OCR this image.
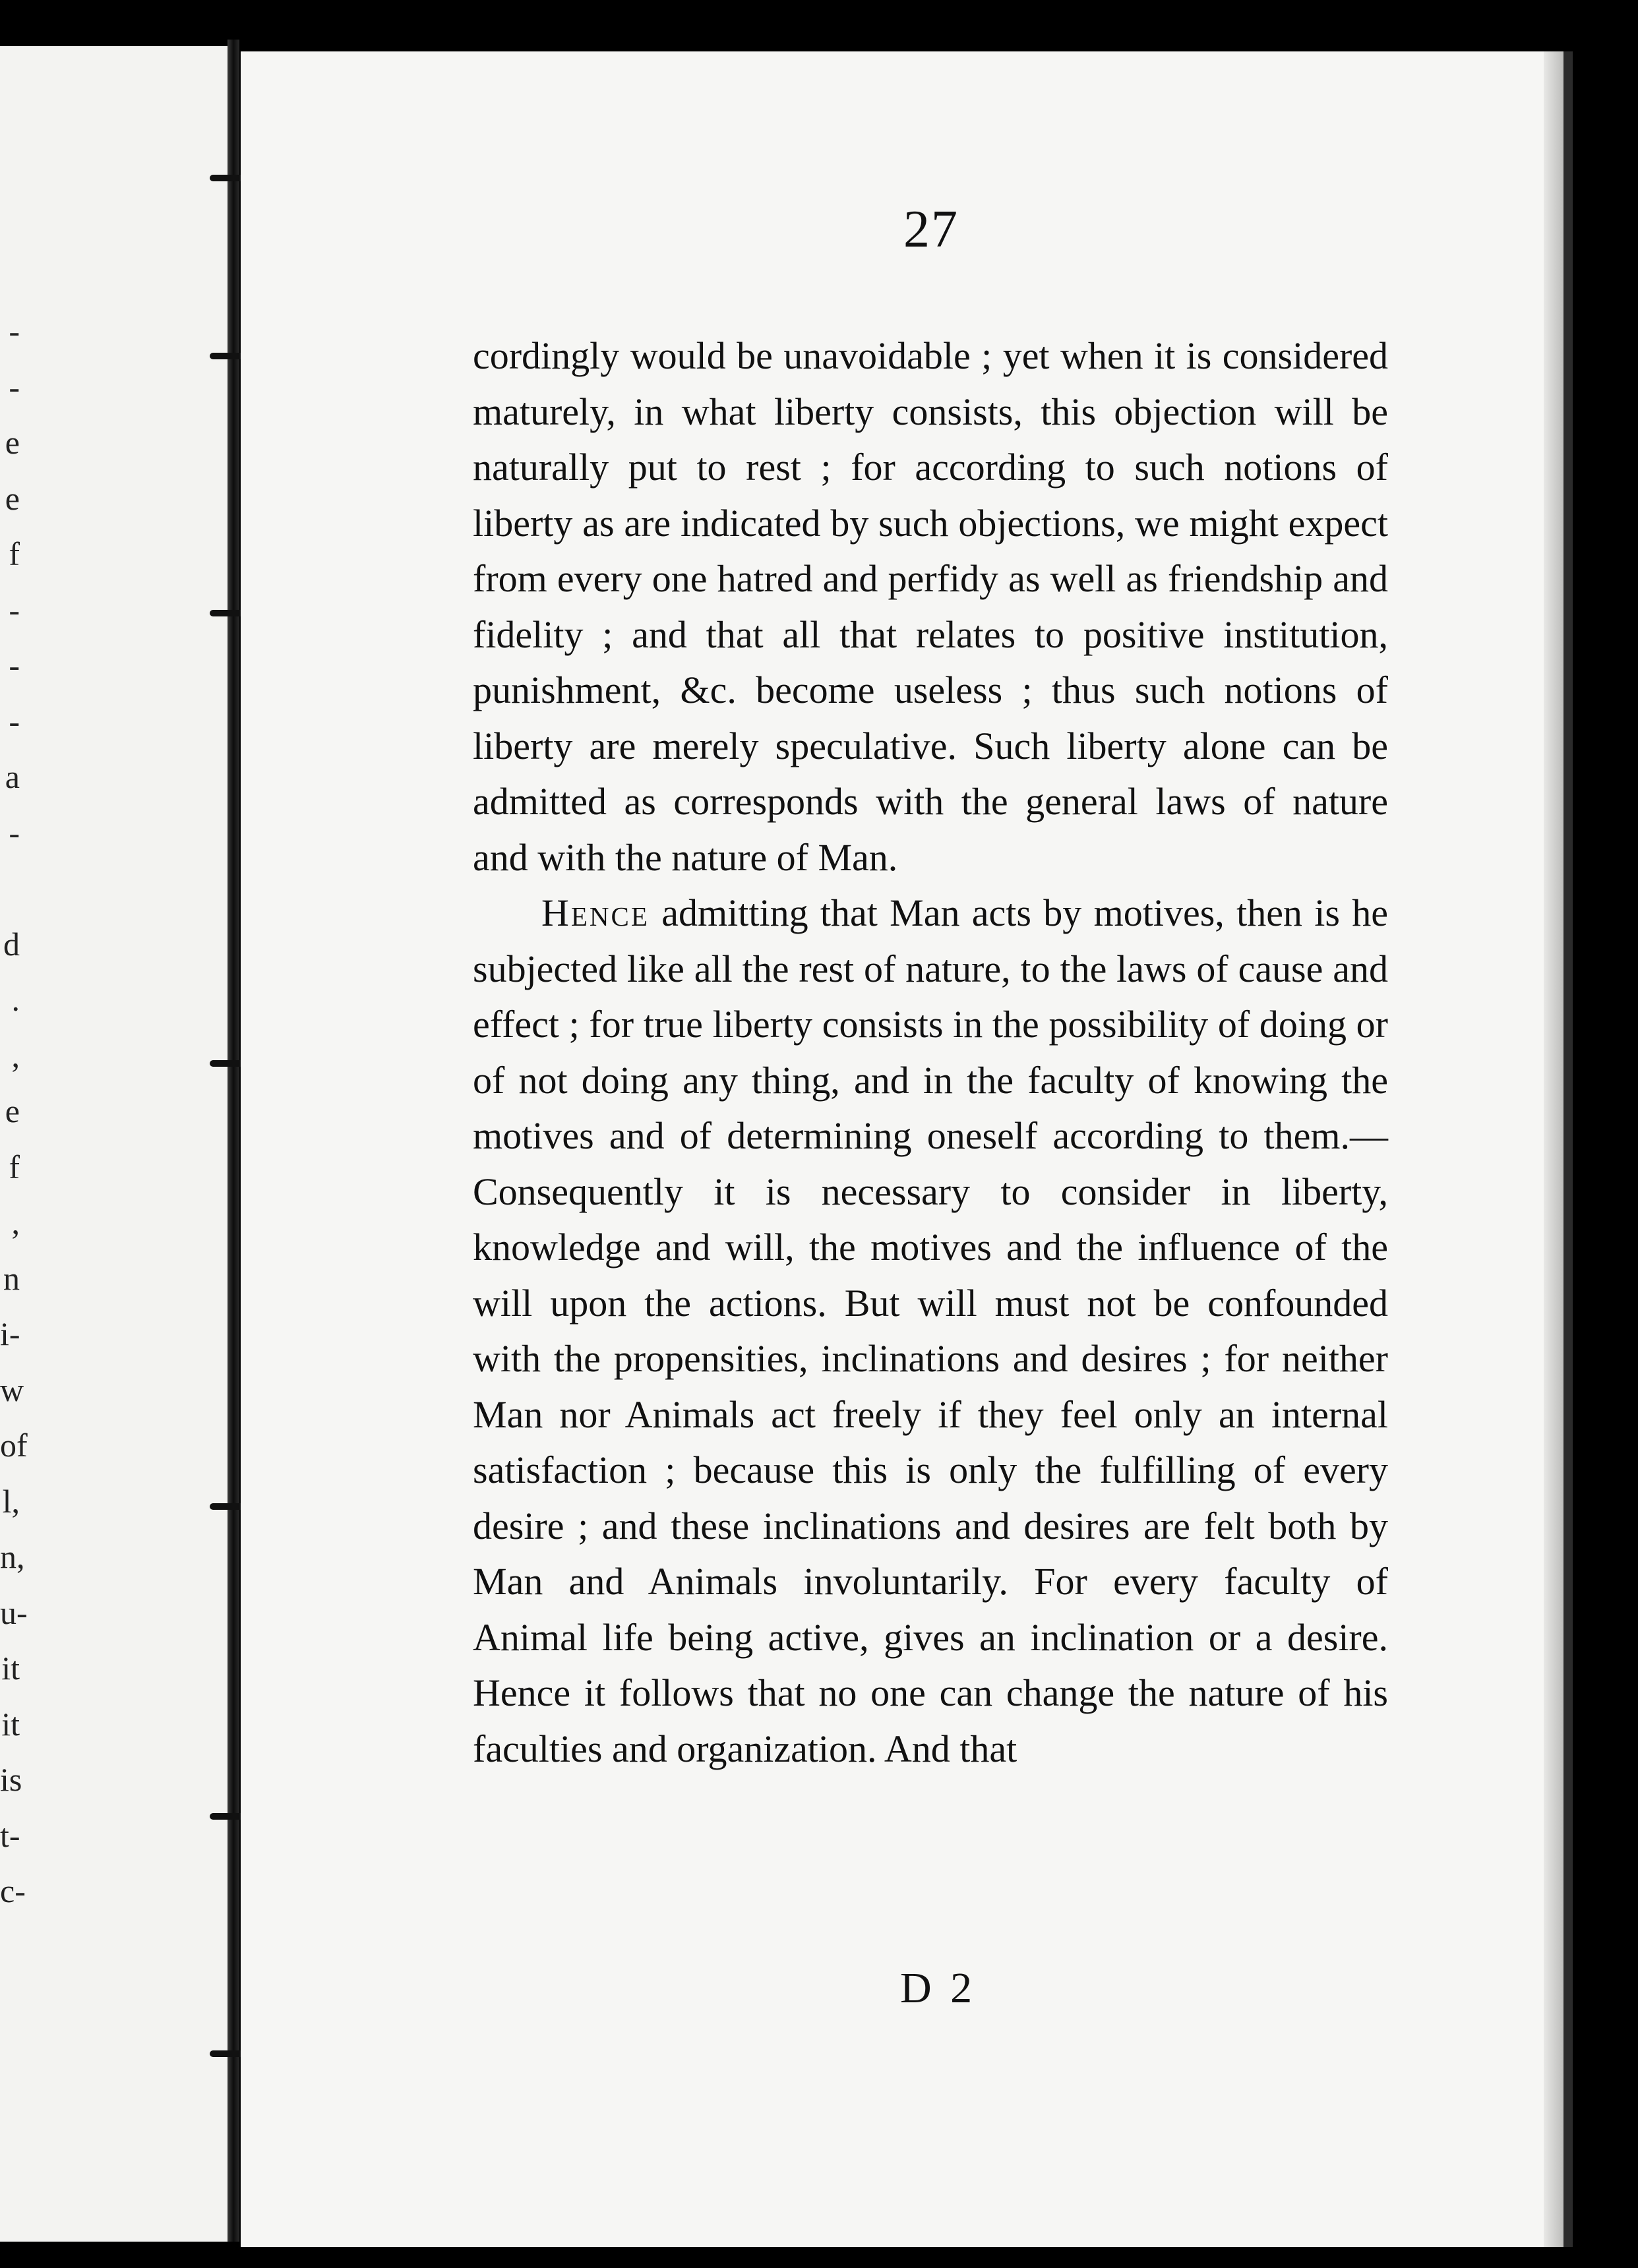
-
-
e
e
f
-
-
-
a
-

d
.
,
e
f
,
n
i-
w
of
l,
n,
u-
it
it
is
t-
c-
27

cordingly would be unavoidable ; yet when it is considered maturely, in what liberty consists, this objection will be naturally put to rest ; for according to such notions of liberty as are indicated by such objections, we might expect from every one hatred and perfidy as well as friendship and fidelity ; and that all that relates to positive institution, punishment, &c. become useless ; thus such notions of liberty are merely speculative. Such liberty alone can be admitted as corresponds with the general laws of nature and with the nature of Man.

Hence admitting that Man acts by motives, then is he subjected like all the rest of nature, to the laws of cause and effect ; for true liberty consists in the possibility of doing or of not doing any thing, and in the faculty of knowing the motives and of determining oneself according to them.— Consequently it is necessary to consider in liberty, knowledge and will, the motives and the influence of the will upon the actions. But will must not be confounded with the propensities, inclinations and desires ; for neither Man nor Animals act freely if they feel only an internal satisfaction ; because this is only the fulfilling of every desire ; and these inclinations and desires are felt both by Man and Animals involuntarily. For every faculty of Animal life being active, gives an inclination or a desire. Hence it follows that no one can change the nature of his faculties and organization. And that

D 2
